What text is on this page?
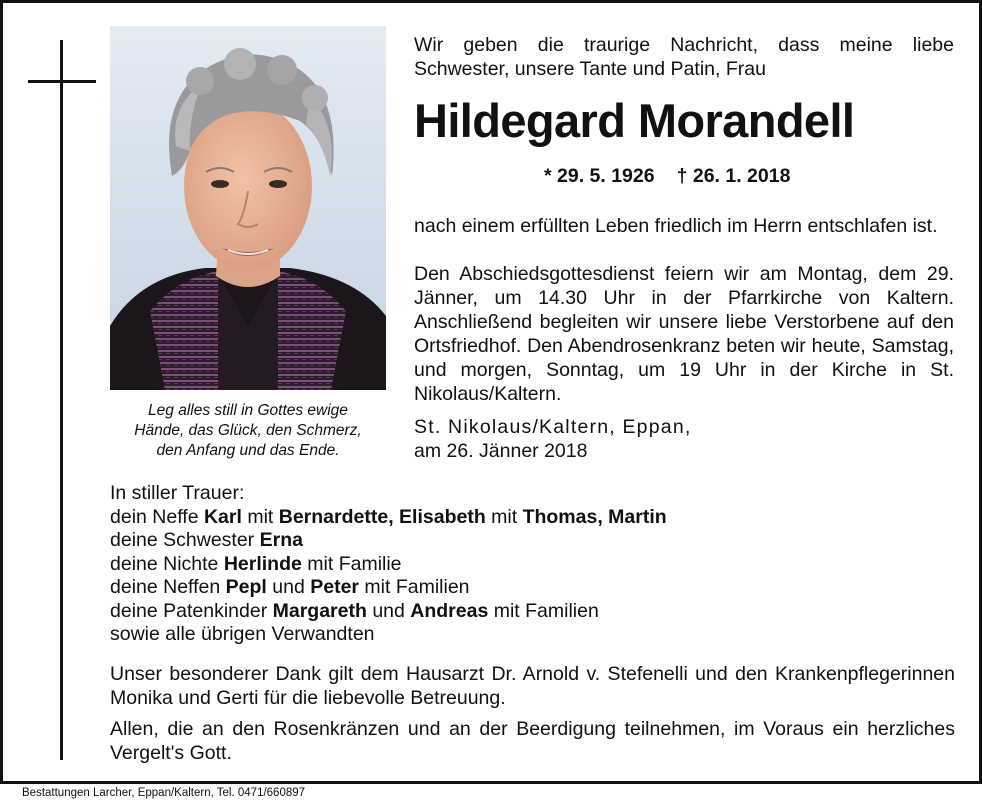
Leg alles still in Gottes ewige
Hände, das Glück, den Schmerz,
den Anfang und das Ende.
Wir geben die traurige Nachricht, dass meine liebe
Schwester, unsere Tante und Patin, Frau
Hildegard Morandell
* 29. 5. 1926 † 26. 1. 2018
nach einem erfüllten Leben friedlich im Herrn entschlafen ist.
Den Abschiedsgottesdienst feiern wir am Montag, dem 29. Jänner, um 14.30 Uhr in der Pfarrkirche von Kaltern. Anschließend begleiten wir unsere liebe Verstorbene auf den Ortsfriedhof. Den Abendrosenkranz beten wir heute, Samstag, und morgen, Sonntag, um 19 Uhr in der Kirche in St. Nikolaus/Kaltern.
St. Nikolaus/Kaltern, Eppan,
am 26. Jänner 2018
In stiller Trauer:
dein Neffe Karl mit Bernardette, Elisabeth mit Thomas, Martin
deine Schwester Erna
deine Nichte Herlinde mit Familie
deine Neffen Pepl und Peter mit Familien
deine Patenkinder Margareth und Andreas mit Familien
sowie alle übrigen Verwandten
Unser besonderer Dank gilt dem Hausarzt Dr. Arnold v. Stefenelli und den Krankenpflegerinnen Monika und Gerti für die liebevolle Betreuung.
Allen, die an den Rosenkränzen und an der Beerdigung teilnehmen, im Voraus ein herzliches Vergelt's Gott.
Bestattungen Larcher, Eppan/Kaltern, Tel. 0471/660897
